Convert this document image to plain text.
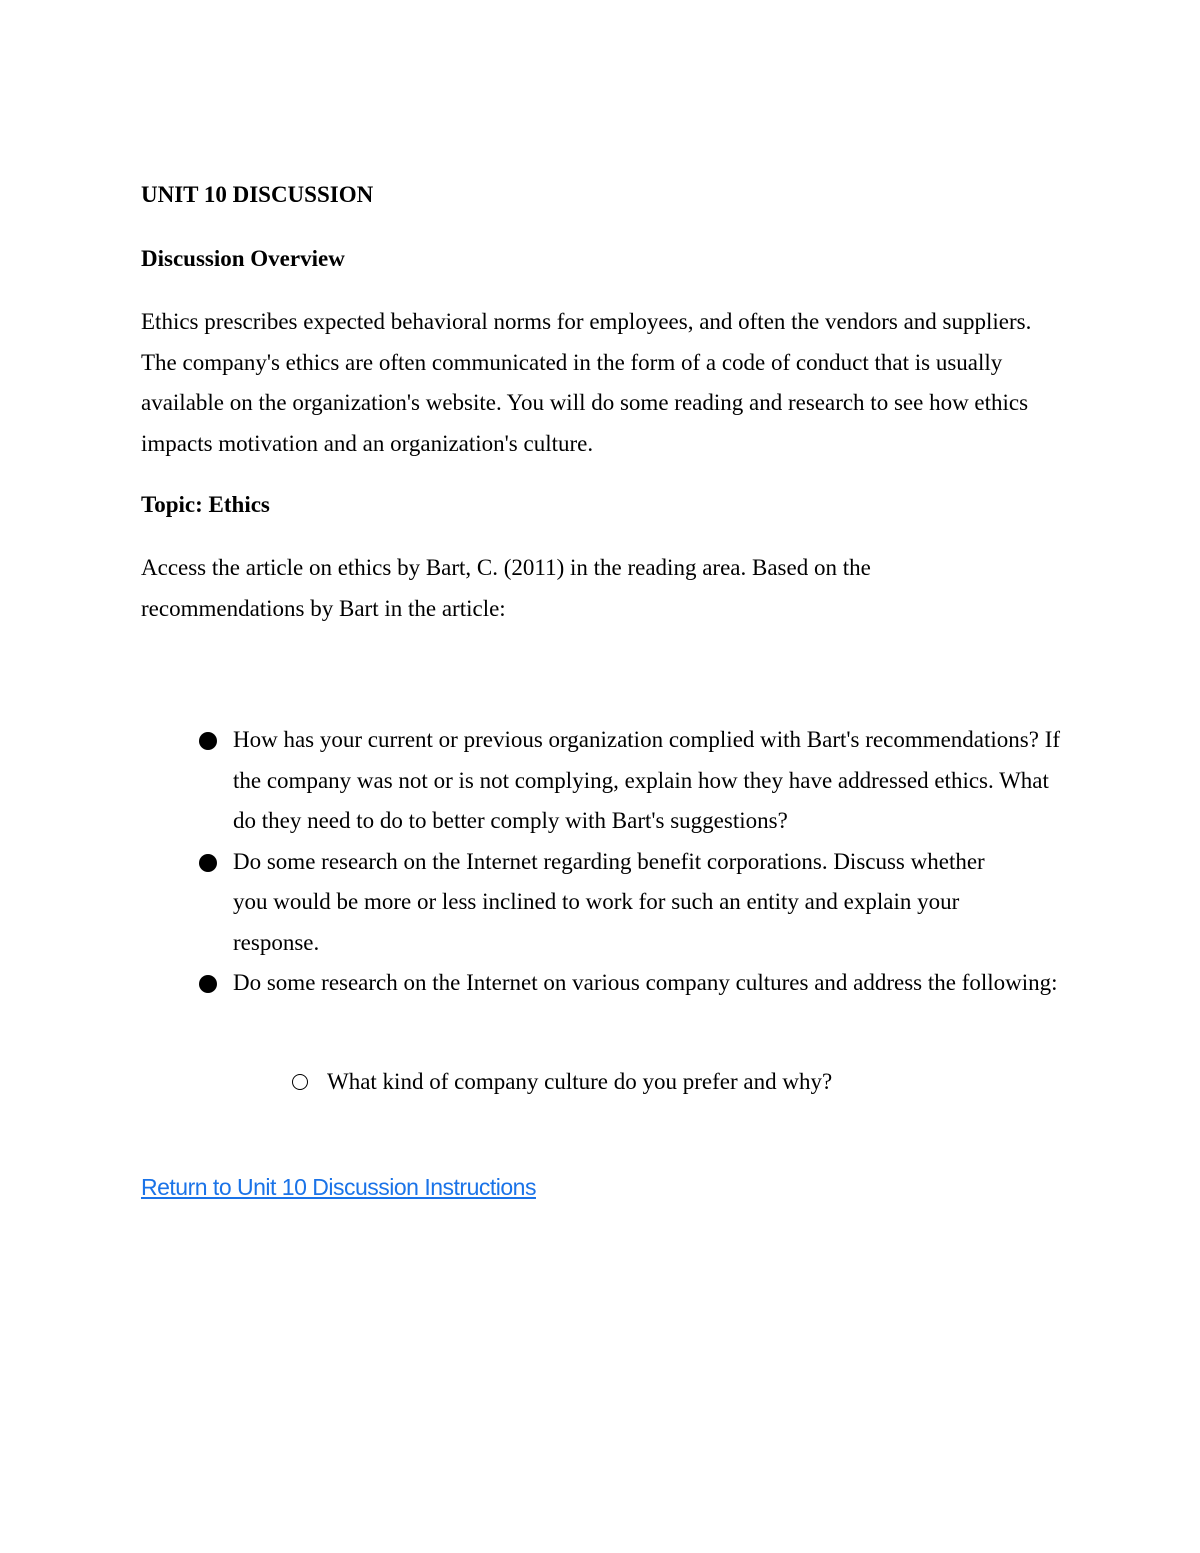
UNIT 10 DISCUSSION

Discussion Overview

Ethics prescribes expected behavioral norms for employees, and often the vendors and suppliers. The company's ethics are often communicated in the form of a code of conduct that is usually available on the organization's website. You will do some reading and research to see how ethics impacts motivation and an organization's culture.

Topic: Ethics

Access the article on ethics by Bart, C. (2011) in the reading area. Based on the recommendations by Bart in the article:

How has your current or previous organization complied with Bart's recommendations? If the company was not or is not complying, explain how they have addressed ethics. What do they need to do to better comply with Bart's suggestions?
Do some research on the Internet regarding benefit corporations. Discuss whether you would be more or less inclined to work for such an entity and explain your response.
Do some research on the Internet on various company cultures and address the following:
What kind of company culture do you prefer and why?

Return to Unit 10 Discussion Instructions
